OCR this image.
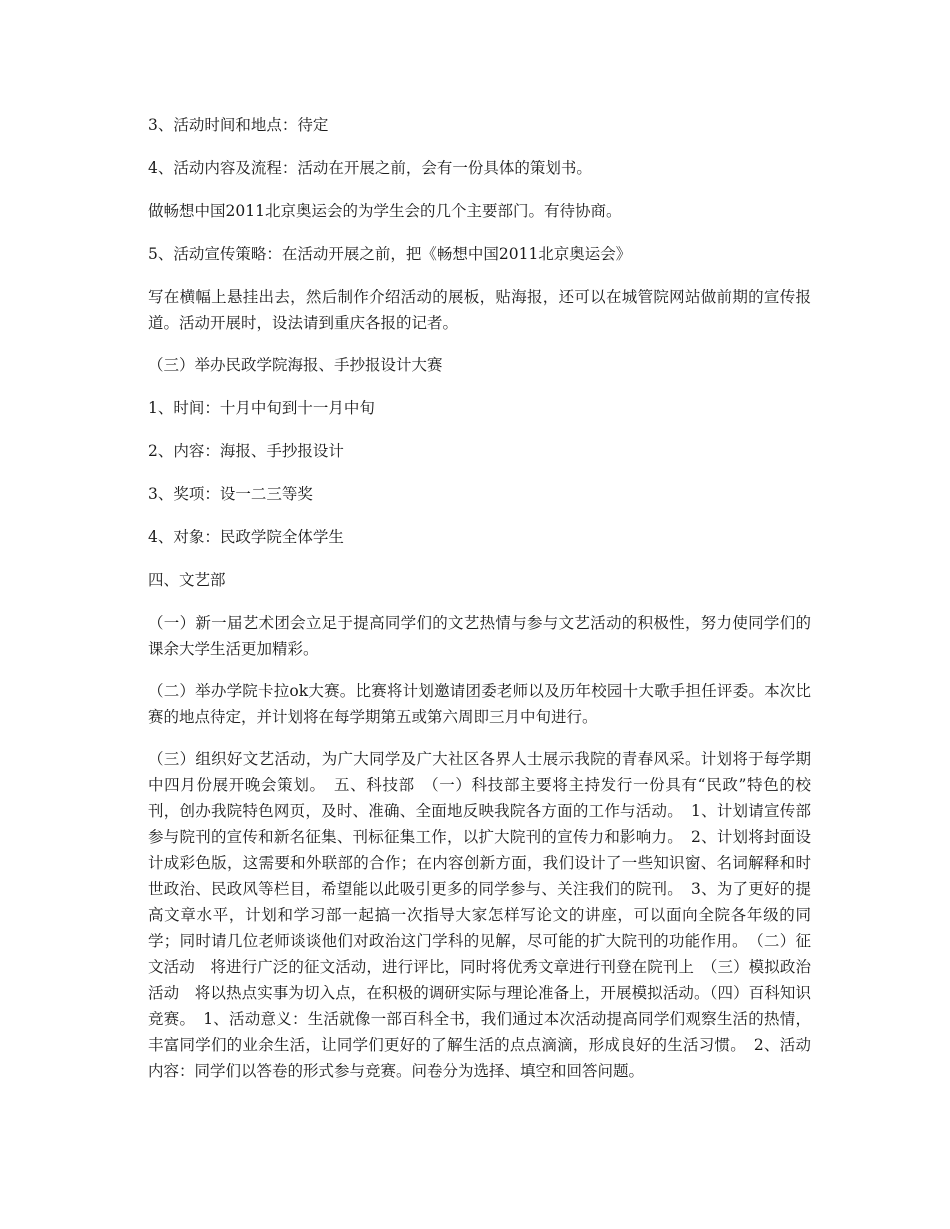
3、活动时间和地点：待定

4、活动内容及流程：活动在开展之前，会有一份具体的策划书。

做畅想中国2011北京奥运会的为学生会的几个主要部门。有待协商。

5、活动宣传策略：在活动开展之前，把《畅想中国2011北京奥运会》

写在横幅上悬挂出去，然后制作介绍活动的展板，贴海报，还可以在城管院网站做前期的宣传报道。活动开展时，设法请到重庆各报的记者。

（三）举办民政学院海报、手抄报设计大赛

1、时间：十月中旬到十一月中旬

2、内容：海报、手抄报设计

3、奖项：设一二三等奖

4、对象：民政学院全体学生

四、文艺部

（一）新一届艺术团会立足于提高同学们的文艺热情与参与文艺活动的积极性，努力使同学们的课余大学生活更加精彩。

（二）举办学院卡拉ok大赛。比赛将计划邀请团委老师以及历年校园十大歌手担任评委。本次比赛的地点待定，并计划将在每学期第五或第六周即三月中旬进行。

（三）组织好文艺活动，为广大同学及广大社区各界人士展示我院的青春风采。计划将于每学期中四月份展开晚会策划。　五、科技部　（一）科技部主要将主持发行一份具有“民政”特色的校刊，创办我院特色网页，及时、准确、全面地反映我院各方面的工作与活动。　1、计划请宣传部参与院刊的宣传和新名征集、刊标征集工作，以扩大院刊的宣传力和影响力。　2、计划将封面设计成彩色版，这需要和外联部的合作；在内容创新方面，我们设计了一些知识窗、名词解释和时世政治、民政风等栏目，希望能以此吸引更多的同学参与、关注我们的院刊。　3、为了更好的提高文章水平，计划和学习部一起搞一次指导大家怎样写论文的讲座，可以面向全院各年级的同学；同时请几位老师谈谈他们对政治这门学科的见解，尽可能的扩大院刊的功能作用。　（二）征文活动　将进行广泛的征文活动，进行评比，同时将优秀文章进行刊登在院刊上　（三）模拟政治活动　将以热点实事为切入点，在积极的调研实际与理论准备上，开展模拟活动。（四）百科知识竞赛。　1、活动意义：生活就像一部百科全书，我们通过本次活动提高同学们观察生活的热情，丰富同学们的业余生活，让同学们更好的了解生活的点点滴滴，形成良好的生活习惯。　2、活动内容：同学们以答卷的形式参与竞赛。问卷分为选择、填空和回答问题。
